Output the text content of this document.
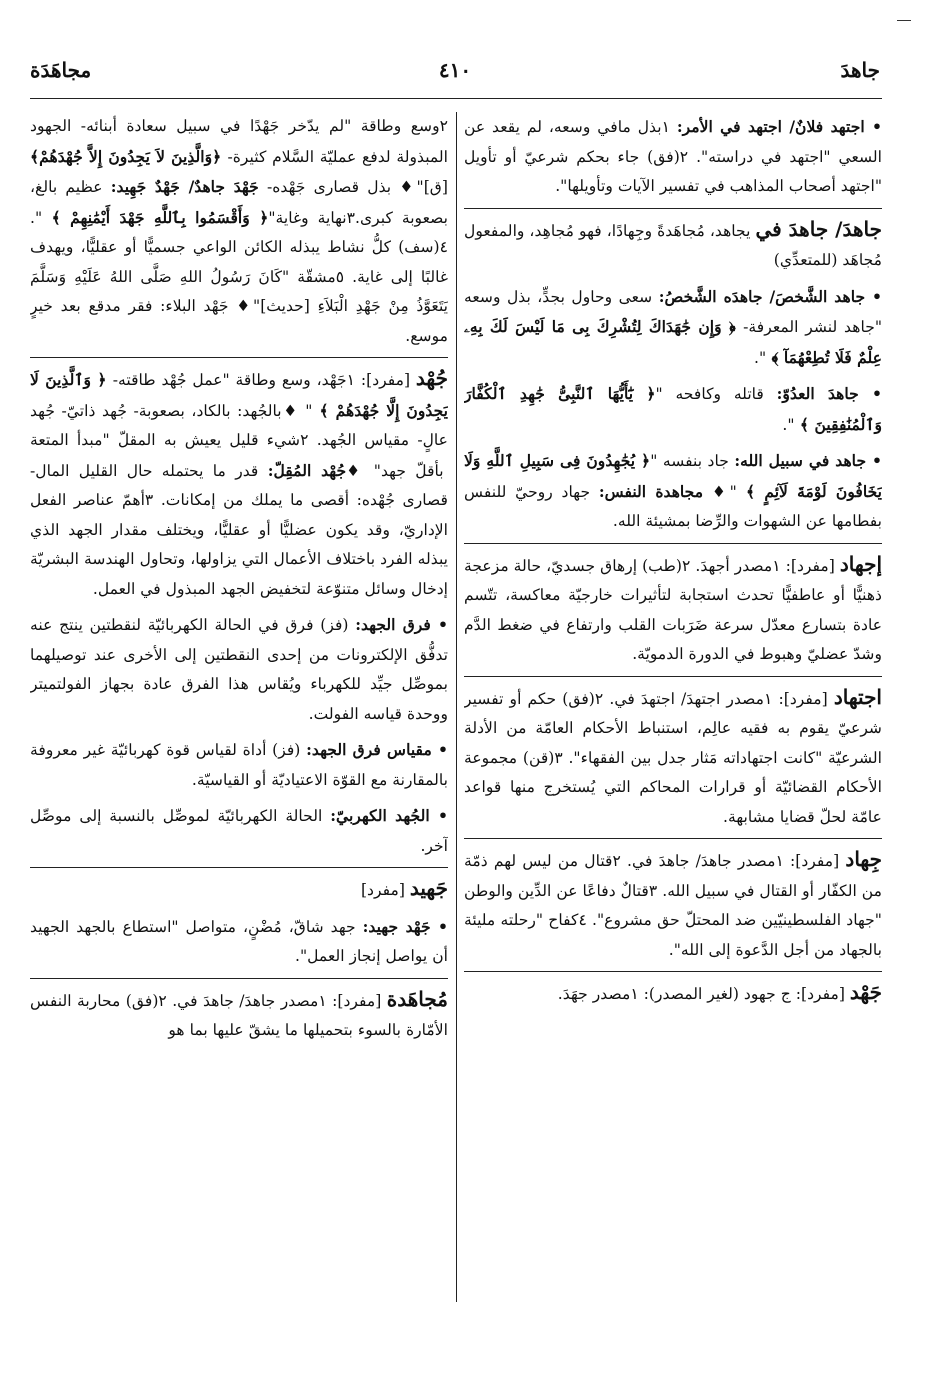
جاهدَ
٤١٠
مجاهَدَة
• اجتهد فلانٌ/ اجتهد في الأمر: ١بذل مافي وسعه، لم يقعد عن السعي "اجتهد في دراسته". ٢(فق) جاء بحكم شرعيّ أو تأويل "اجتهد أصحاب المذاهب في تفسير الآيات وتأويلها".
جاهدَ/ جاهدَ في يجاهد، مُجاهَدةً وجِهادًا، فهو مُجاهِد، والمفعول مُجاهَد (للمتعدِّي)
• جاهد الشَّخصَ/ جاهدَه الشَّخصُ: سعى وحاول بجدٍّ، بذل وسعه "جاهد لنشر المعرفة- ﴿ وَإِن جَٰهَدَاكَ لِتُشْرِكَ بِى مَا لَيْسَ لَكَ بِهِۦ عِلْمٌ فَلَا تُطِعْهُمَآ ﴾ ".
• جاهدَ العدُوّ: قاتله وكافحه "﴿ يَٰٓأَيُّهَا ٱلنَّبِىُّ جَٰهِدِ ٱلْكُفَّارَ وَٱلْمُنَٰفِقِينَ ﴾ ".
• جاهد في سبيل الله: جاد بنفسه "﴿ يُجَٰهِدُونَ فِى سَبِيلِ ٱللَّهِ وَلَا يَخَافُونَ لَوْمَةَ لَآئِمٍ ﴾ "♦ مجاهدة النفس: جهاد روحيّ للنفس بفطامها عن الشهوات والرِّضا بمشيئة الله.
إجهاد [مفرد]: ١مصدر أجهدَ. ٢(طب) إرهاق جسديّ، حالة مزعجة ذهنيًّا أو عاطفيًّا تحدث استجابة لتأثيرات خارجيّة معاكسة، تتّسم عادة بتسارع معدّل سرعة ضَرَبات القلب وارتفاع في ضغط الدَّم وشدّ عضليّ وهبوط في الدورة الدمويّة.
اجتهاد [مفرد]: ١مصدر اجتهدَ/ اجتهدَ في. ٢(فق) حكم أو تفسير شرعيّ يقوم به فقيه عالِم، استنباط الأحكام العامّة من الأدلة الشرعيّة "كانت اجتهاداته مَثار جدل بين الفقهاء". ٣(قن) مجموعة الأحكام القضائيّة أو قرارات المحاكم التي يُستخرج منها قواعد عامّة لحلّ قضايا مشابهة.
جِهاد [مفرد]: ١مصدر جاهدَ/ جاهدَ في. ٢قتال من ليس لهم ذمّة من الكفّار أو القتال في سبيل الله. ٣قتالٌ دفاعًا عن الدِّين والوطن "جهاد الفلسطينيّين ضد المحتلّ حق مشروع". ٤كفاح "رحلته مليئة بالجهاد من أجل الدَّعوة إلى الله".
جَهْد [مفرد]: ج جهود (لغير المصدر): ١مصدر جهَدَ.
٢وسع وطاقة "لم يدّخر جَهْدًا في سبيل سعادة أبنائه- الجهود المبذولة لدفع عمليّة السَّلام كثيرة- ﴿وَالَّذِينَ لاَ يَجِدُونَ إِلاَّ جُهْدَهُمْ﴾ [ق]"♦ بذل قصارى جَهْده- جَهْدَ جاهدٌ/ جَهْدٌ جَهِيد: عظيم بالغ، بصعوبة كبرى.٣نهاية وغاية"﴿ وَأَقْسَمُوا بِٱللَّهِ جَهْدَ أَيْمَٰنِهِمْ ﴾ ". ٤(سف) كلُّ نشاط يبذله الكائن الواعي جسميًّا أو عقليًّا، ويهدف غالبًا إلى غاية. ٥مشقّة "كَانَ رَسُولُ اللهِ صَلَّى اللهُ عَلَيْهِ وَسَلَّمَ يَتَعَوَّذُ مِنْ جَهْدِ الْبَلاَءِ [حديث]"♦ جَهْد البلاء: فقر مدقع بعد خيرٍ موسع.
جُهْد [مفرد]: ١جَهْد، وسع وطاقة "عمل جُهْد طاقته- ﴿ وَٱلَّذِينَ لَا يَجِدُونَ إِلَّا جُهْدَهُمْ ﴾ " ♦بالجُهد: بالكاد، بصعوبة- جُهد ذاتيّ- جُهد عالٍ- مقياس الجُهد. ٢شيء قليل يعيش به المقلّ "مبدأ المتعة بأقلّ جهد" ♦جُهْد المُقِلّ: قدر ما يحتمله حال القليل المال- قصارى جُهْده: أقصى ما يملك من إمكانات. ٣أهمّ عناصر الفعل الإداريّ، وقد يكون عضليًّا أو عقليًّا، ويختلف مقدار الجهد الذي يبذله الفرد باختلاف الأعمال التي يزاولها، وتحاول الهندسة البشريّة إدخال وسائل متنوّعة لتخفيض الجهد المبذول في العمل.
• فرق الجهد: (فز) فرق في الحالة الكهربائيّة لنقطتين ينتج عنه تدفُّق الإلكترونات من إحدى النقطتين إلى الأخرى عند توصيلهما بموصِّل جيِّد للكهرباء ويُقاس هذا الفرق عادة بجهاز الفولتميتر ووحدة قياسه الفولت.
• مقياس فرق الجهد: (فز) أداة لقياس قوة كهربائيّة غير معروفة بالمقارنة مع القوّة الاعتياديّة أو القياسيّة.
• الجُهد الكهربيّ: الحالة الكهربائيّة لموصِّل بالنسبة إلى موصِّل آخر.
جَهيد [مفرد]
• جَهْد جهيد: جهد شاقّ، مُضْنٍ، متواصل "استطاع بالجهد الجهيد أن يواصل إنجاز العمل".
مُجاهَدة [مفرد]: ١مصدر جاهدَ/ جاهدَ في. ٢(فق) محاربة النفس الأمّارة بالسوء بتحميلها ما يشقّ عليها بما هو
